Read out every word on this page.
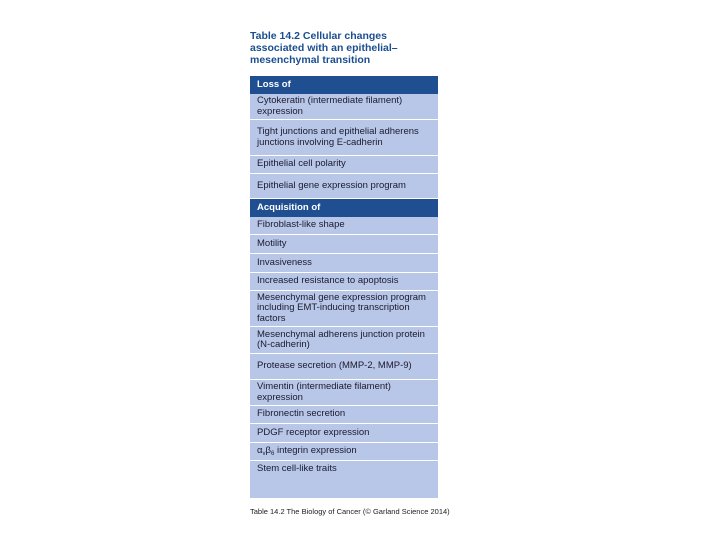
Table 14.2 Cellular changes associated with an epithelial–mesenchymal transition
Loss of
Cytokeratin (intermediate filament) expression
Tight junctions and epithelial adherens junctions involving E-cadherin
Epithelial cell polarity
Epithelial gene expression program
Acquisition of
Fibroblast-like shape
Motility
Invasiveness
Increased resistance to apoptosis
Mesenchymal gene expression program including EMT-inducing transcription factors
Mesenchymal adherens junction protein (N-cadherin)
Protease secretion (MMP-2, MMP-9)
Vimentin (intermediate filament) expression
Fibronectin secretion
PDGF receptor expression
$\alpha_v\beta_6$ integrin expression
Stem cell-like traits
Table 14.2 The Biology of Cancer (© Garland Science 2014)
